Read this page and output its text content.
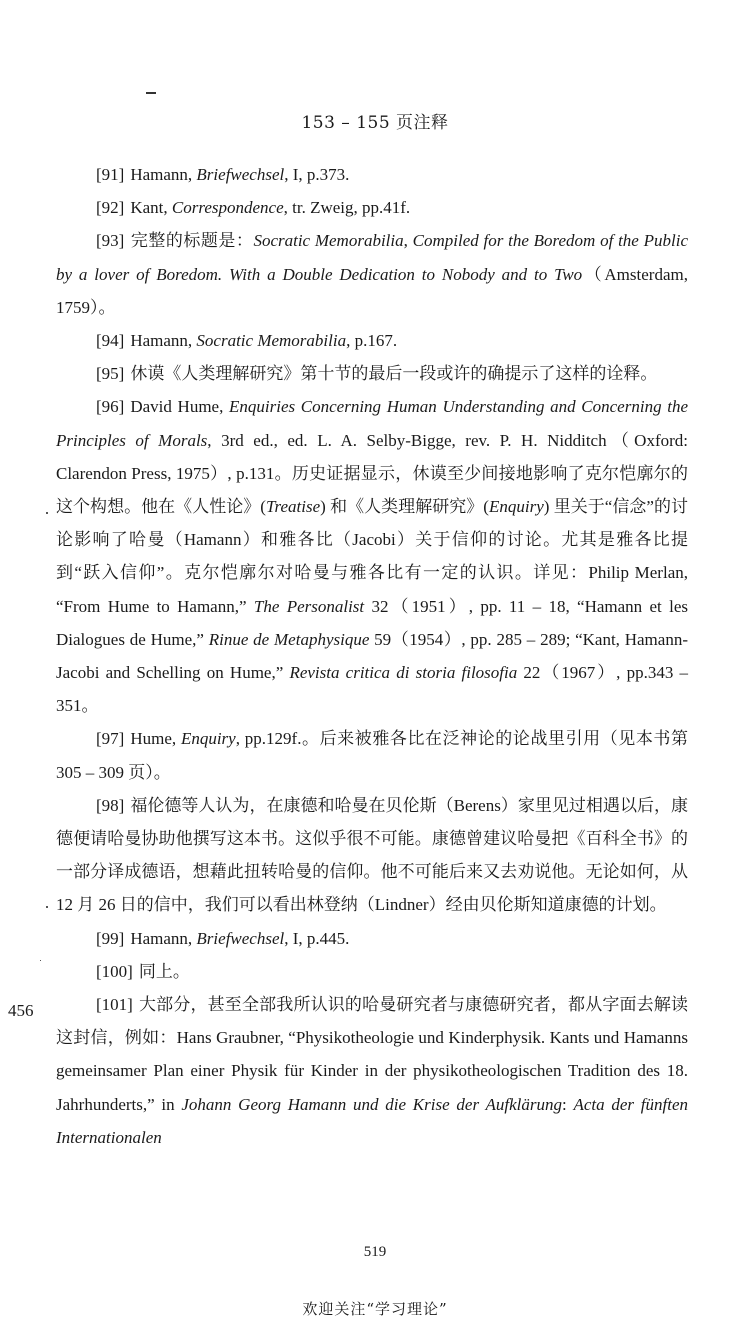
153 – 155 页注释
456

[91] Hamann, Briefwechsel, I, p.373.

[92] Kant, Correspondence, tr. Zweig, pp.41f.

[93] 完整的标题是：Socratic Memorabilia, Compiled for the Boredom of the Public by a lover of Boredom. With a Double Dedication to Nobody and to Two（Amsterdam, 1759）。

[94] Hamann, Socratic Memorabilia, p.167.

[95] 休谟《人类理解研究》第十节的最后一段或许的确提示了这样的诠释。

[96] David Hume, Enquiries Concerning Human Understanding and Concerning the Principles of Morals, 3rd ed., ed. L. A. Selby-Bigge, rev. P. H. Nidditch（Oxford: Clarendon Press, 1975）, p.131。历史证据显示，休谟至少间接地影响了克尔恺廓尔的这个构想。他在《人性论》(Treatise) 和《人类理解研究》(Enquiry) 里关于“信念”的讨论影响了哈曼（Hamann）和雅各比（Jacobi）关于信仰的讨论。尤其是雅各比提到“跃入信仰”。克尔恺廓尔对哈曼与雅各比有一定的认识。详见：Philip Merlan, “From Hume to Hamann,” The Personalist 32（1951）, pp. 11 – 18, “Hamann et les Dialogues de Hume,” Rinue de Metaphysique 59（1954）, pp. 285 – 289; “Kant, Hamann-Jacobi and Schelling on Hume,” Revista critica di storia filosofia 22（1967）, pp.343 – 351。

[97] Hume, Enquiry, pp.129f.。后来被雅各比在泛神论的论战里引用（见本书第 305 – 309 页）。

[98] 福伦德等人认为，在康德和哈曼在贝伦斯（Berens）家里见过相遇以后，康德便请哈曼协助他撰写这本书。这似乎很不可能。康德曾建议哈曼把《百科全书》的一部分译成德语，想藉此扭转哈曼的信仰。他不可能后来又去劝说他。无论如何，从 12 月 26 日的信中，我们可以看出林登纳（Lindner）经由贝伦斯知道康德的计划。

[99] Hamann, Briefwechsel, I, p.445.

[100] 同上。

[101] 大部分，甚至全部我所认识的哈曼研究者与康德研究者，都从字面去解读这封信，例如：Hans Graubner, “Physikotheologie und Kinderphysik. Kants und Hamanns gemeinsamer Plan einer Physik für Kinder in der physikotheologischen Tradition des 18. Jahrhunderts,” in Johann Georg Hamann und die Krise der Aufklärung: Acta der fünften Internationalen

519
欢迎关注“学习理论”
